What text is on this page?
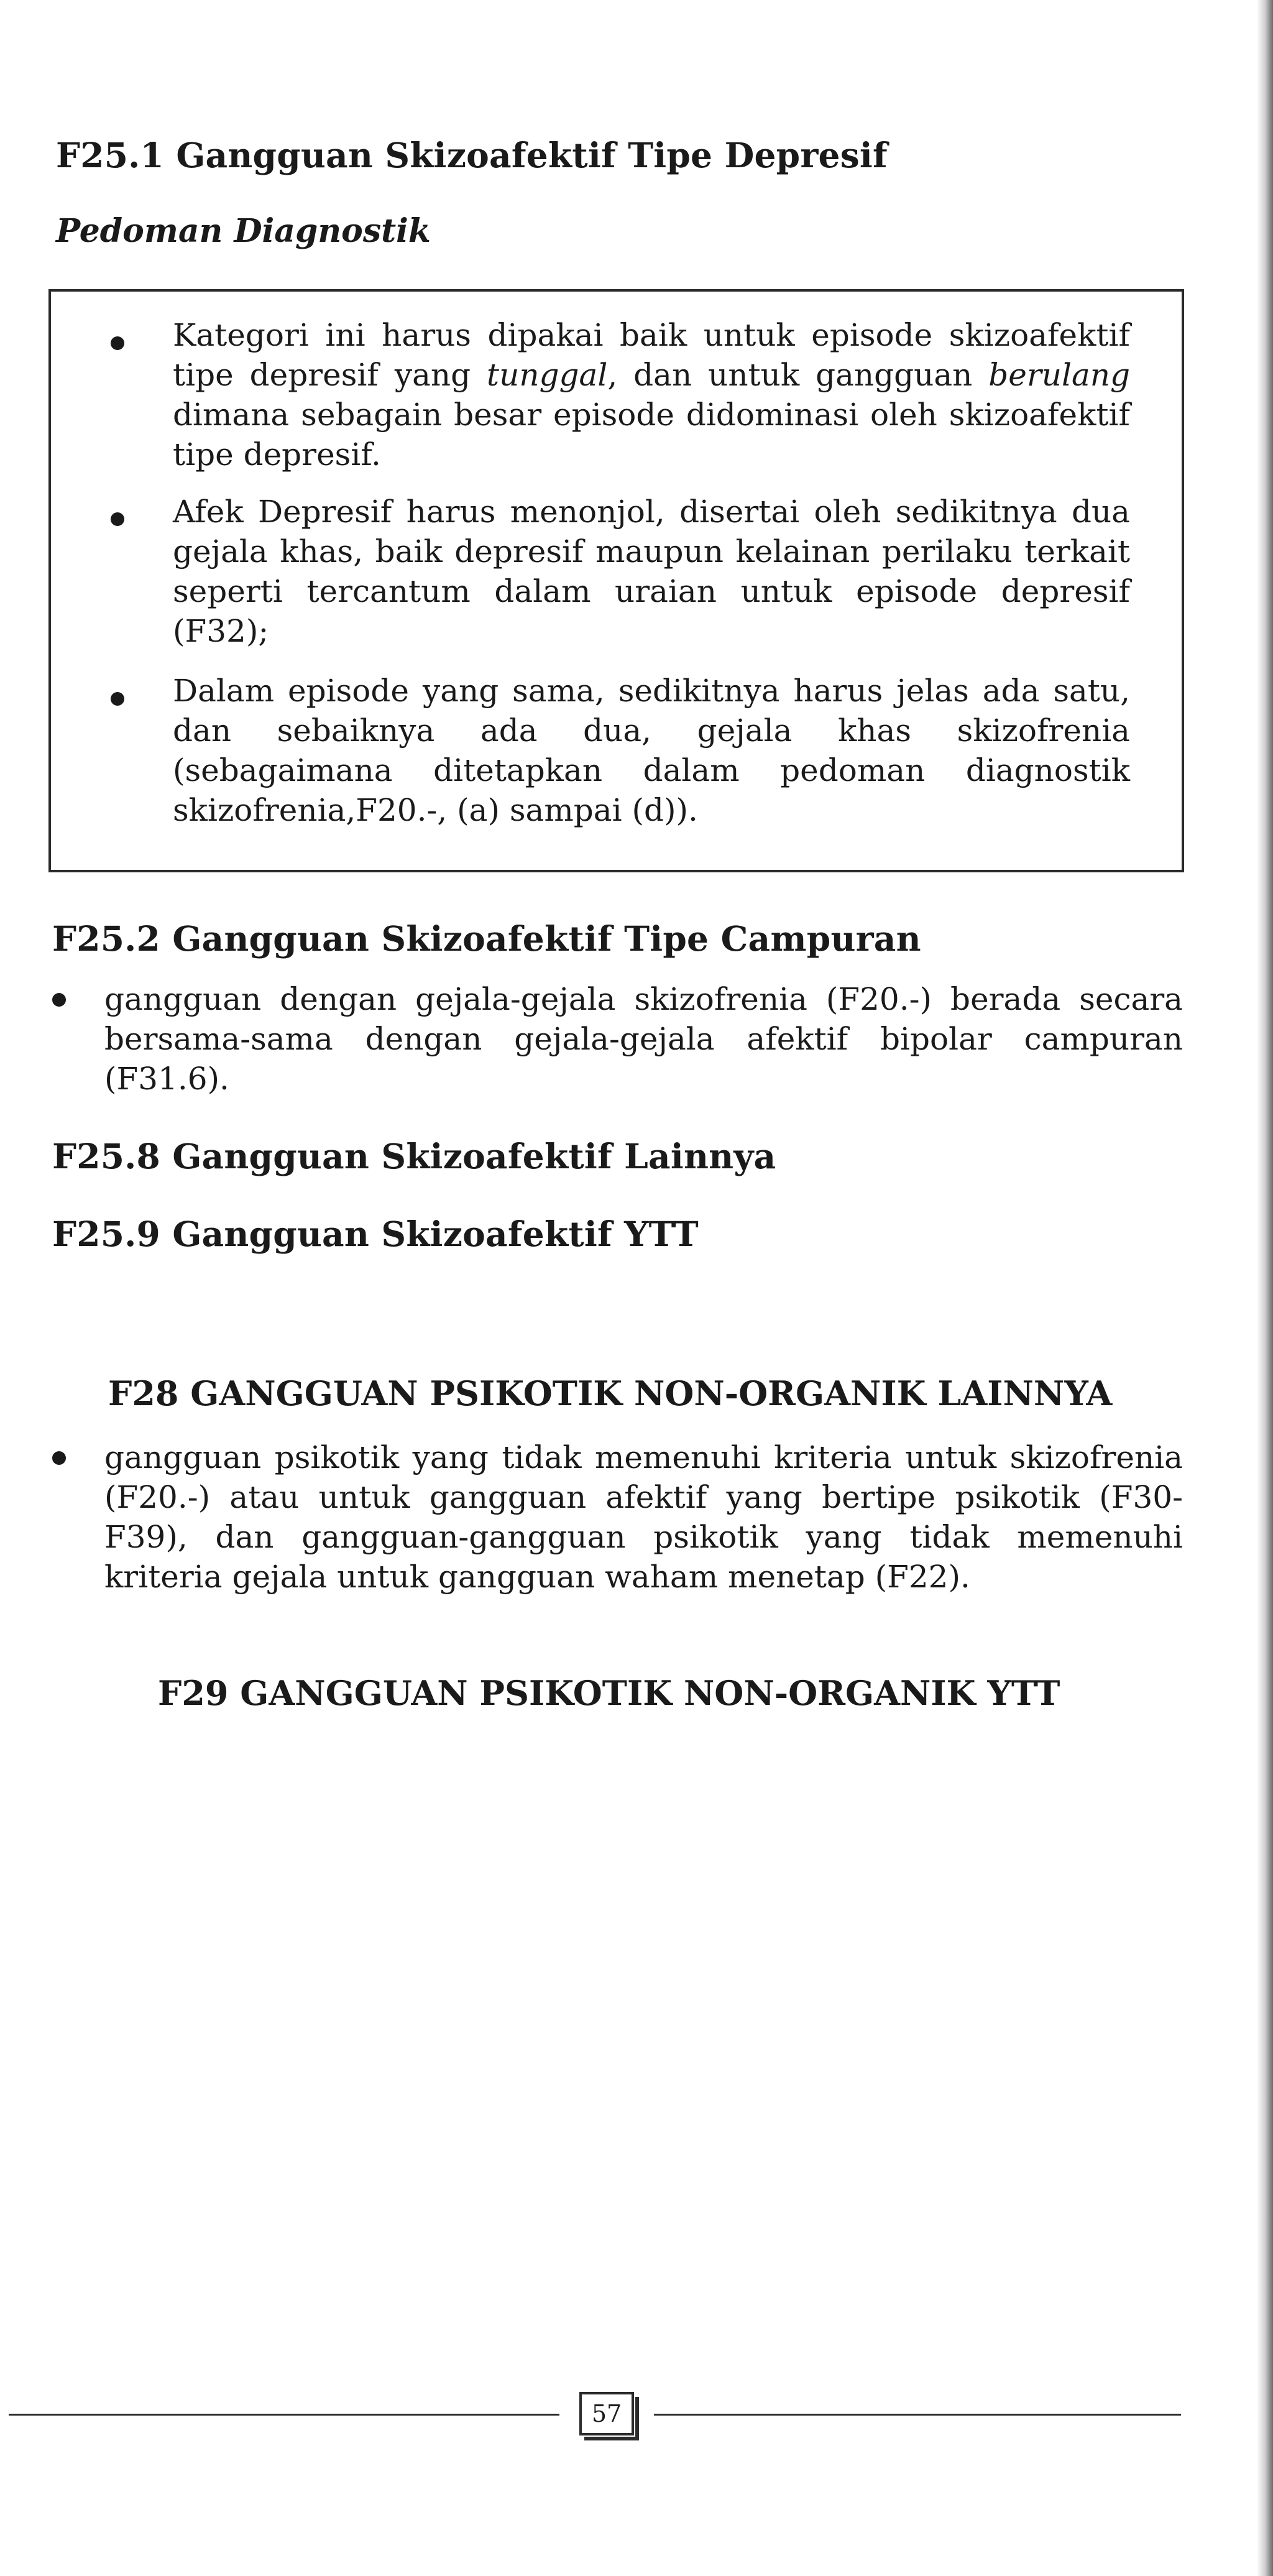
F25.1 Gangguan Skizoafektif Tipe Depresif
Pedoman Diagnostik
Kategori ini harus dipakai baik untuk episode skizoafektif tipe depresif yang tunggal, dan untuk gangguan berulang dimana sebagain besar episode didominasi oleh skizoafektif tipe depresif.
Afek Depresif harus menonjol, disertai oleh sedikitnya dua gejala khas, baik depresif maupun kelainan perilaku terkait seperti tercantum dalam uraian untuk episode depresif (F32);
Dalam episode yang sama, sedikitnya harus jelas ada satu, dan sebaiknya ada dua, gejala khas skizofrenia (sebagaimana ditetapkan dalam pedoman diagnostik skizofrenia,F20.-, (a) sampai (d)).
F25.2 Gangguan Skizoafektif Tipe Campuran
gangguan dengan gejala-gejala skizofrenia (F20.-) berada secara bersama-sama dengan gejala-gejala afektif bipolar campuran (F31.6).
F25.8 Gangguan Skizoafektif Lainnya
F25.9 Gangguan Skizoafektif YTT
F28 GANGGUAN PSIKOTIK NON-ORGANIK LAINNYA
gangguan psikotik yang tidak memenuhi kriteria untuk skizofrenia (F20.-) atau untuk gangguan afektif yang bertipe psikotik (F30-F39), dan gangguan-gangguan psikotik yang tidak memenuhi kriteria gejala untuk gangguan waham menetap (F22).
F29 GANGGUAN PSIKOTIK NON-ORGANIK YTT
57
